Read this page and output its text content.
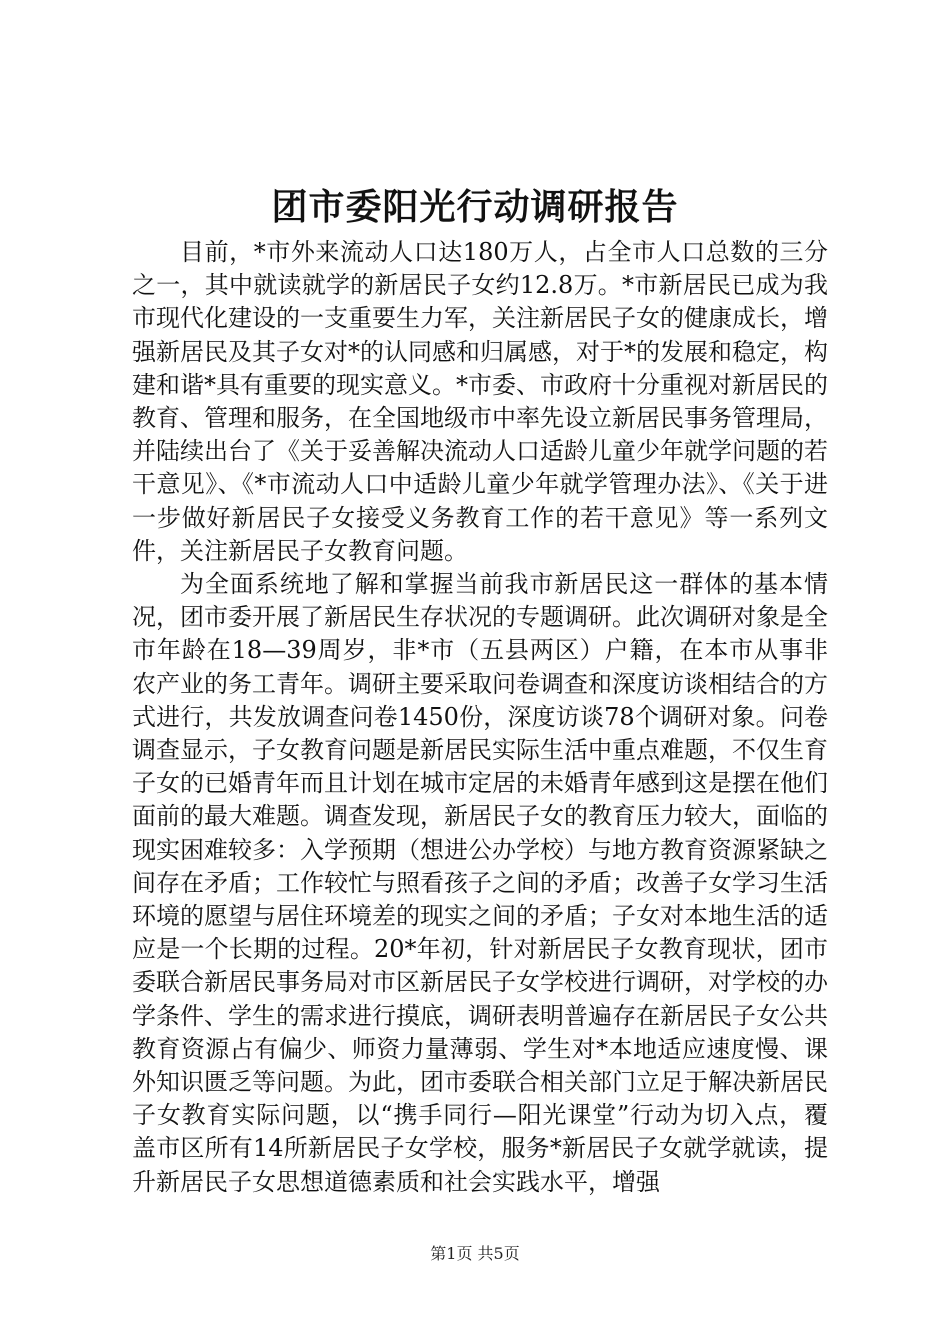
团市委阳光行动调研报告

目前，*市外来流动人口达180万人，占全市人口总数的三分之一，其中就读就学的新居民子女约12.8万。*市新居民已成为我市现代化建设的一支重要生力军，关注新居民子女的健康成长，增强新居民及其子女对*的认同感和归属感，对于*的发展和稳定，构建和谐*具有重要的现实意义。*市委、市政府十分重视对新居民的教育、管理和服务，在全国地级市中率先设立新居民事务管理局，并陆续出台了《关于妥善解决流动人口适龄儿童少年就学问题的若干意见》、《*市流动人口中适龄儿童少年就学管理办法》、《关于进一步做好新居民子女接受义务教育工作的若干意见》等一系列文件，关注新居民子女教育问题。

为全面系统地了解和掌握当前我市新居民这一群体的基本情况，团市委开展了新居民生存状况的专题调研。此次调研对象是全市年龄在18—39周岁，非*市（五县两区）户籍，在本市从事非农产业的务工青年。调研主要采取问卷调查和深度访谈相结合的方式进行，共发放调查问卷1450份，深度访谈78个调研对象。问卷调查显示，子女教育问题是新居民实际生活中重点难题，不仅生育子女的已婚青年而且计划在城市定居的未婚青年感到这是摆在他们面前的最大难题。调查发现，新居民子女的教育压力较大，面临的现实困难较多：入学预期（想进公办学校）与地方教育资源紧缺之间存在矛盾；工作较忙与照看孩子之间的矛盾；改善子女学习生活环境的愿望与居住环境差的现实之间的矛盾；子女对本地生活的适应是一个长期的过程。20*年初，针对新居民子女教育现状，团市委联合新居民事务局对市区新居民子女学校进行调研，对学校的办学条件、学生的需求进行摸底，调研表明普遍存在新居民子女公共教育资源占有偏少、师资力量薄弱、学生对*本地适应速度慢、课外知识匮乏等问题。为此，团市委联合相关部门立足于解决新居民子女教育实际问题，以“携手同行—阳光课堂”行动为切入点，覆盖市区所有14所新居民子女学校，服务*新居民子女就学就读，提升新居民子女思想道德素质和社会实践水平，增强

第1页 共5页
